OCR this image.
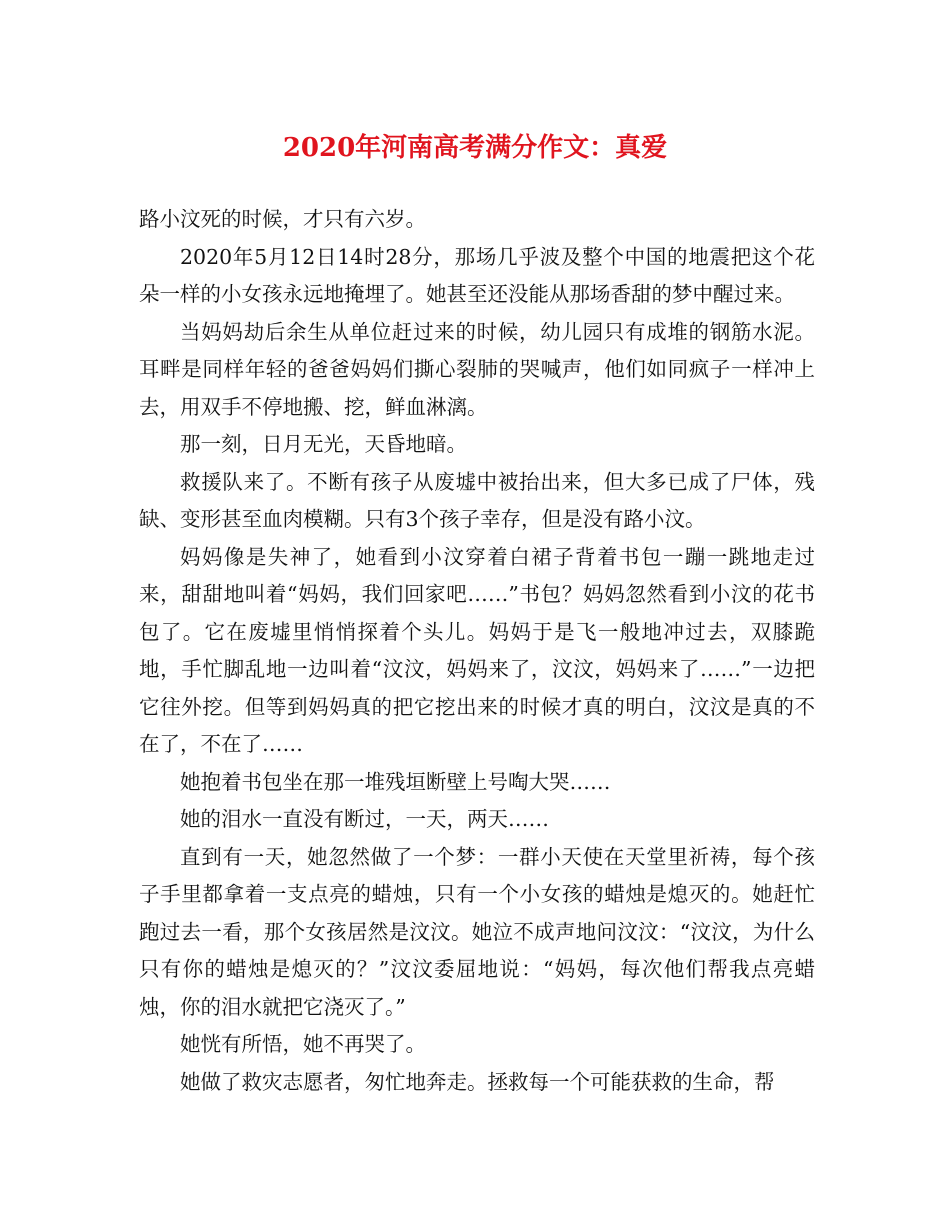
2020年河南高考满分作文：真爱

路小汶死的时候，才只有六岁。

2020年5月12日14时28分，那场几乎波及整个中国的地震把这个花朵一样的小女孩永远地掩埋了。她甚至还没能从那场香甜的梦中醒过来。

当妈妈劫后余生从单位赶过来的时候，幼儿园只有成堆的钢筋水泥。耳畔是同样年轻的爸爸妈妈们撕心裂肺的哭喊声，他们如同疯子一样冲上去，用双手不停地搬、挖，鲜血淋漓。

那一刻，日月无光，天昏地暗。

救援队来了。不断有孩子从废墟中被抬出来，但大多已成了尸体，残缺、变形甚至血肉模糊。只有3个孩子幸存，但是没有路小汶。

妈妈像是失神了，她看到小汶穿着白裙子背着书包一蹦一跳地走过来，甜甜地叫着“妈妈，我们回家吧……”书包？妈妈忽然看到小汶的花书包了。它在废墟里悄悄探着个头儿。妈妈于是飞一般地冲过去，双膝跪地，手忙脚乱地一边叫着“汶汶，妈妈来了，汶汶，妈妈来了……”一边把它往外挖。但等到妈妈真的把它挖出来的时候才真的明白，汶汶是真的不在了，不在了……

她抱着书包坐在那一堆残垣断壁上号啕大哭……

她的泪水一直没有断过，一天，两天……

直到有一天，她忽然做了一个梦：一群小天使在天堂里祈祷，每个孩子手里都拿着一支点亮的蜡烛，只有一个小女孩的蜡烛是熄灭的。她赶忙跑过去一看，那个女孩居然是汶汶。她泣不成声地问汶汶：“汶汶，为什么只有你的蜡烛是熄灭的？”汶汶委屈地说：“妈妈，每次他们帮我点亮蜡烛，你的泪水就把它浇灭了。”

她恍有所悟，她不再哭了。

她做了救灾志愿者，匆忙地奔走。拯救每一个可能获救的生命，帮
